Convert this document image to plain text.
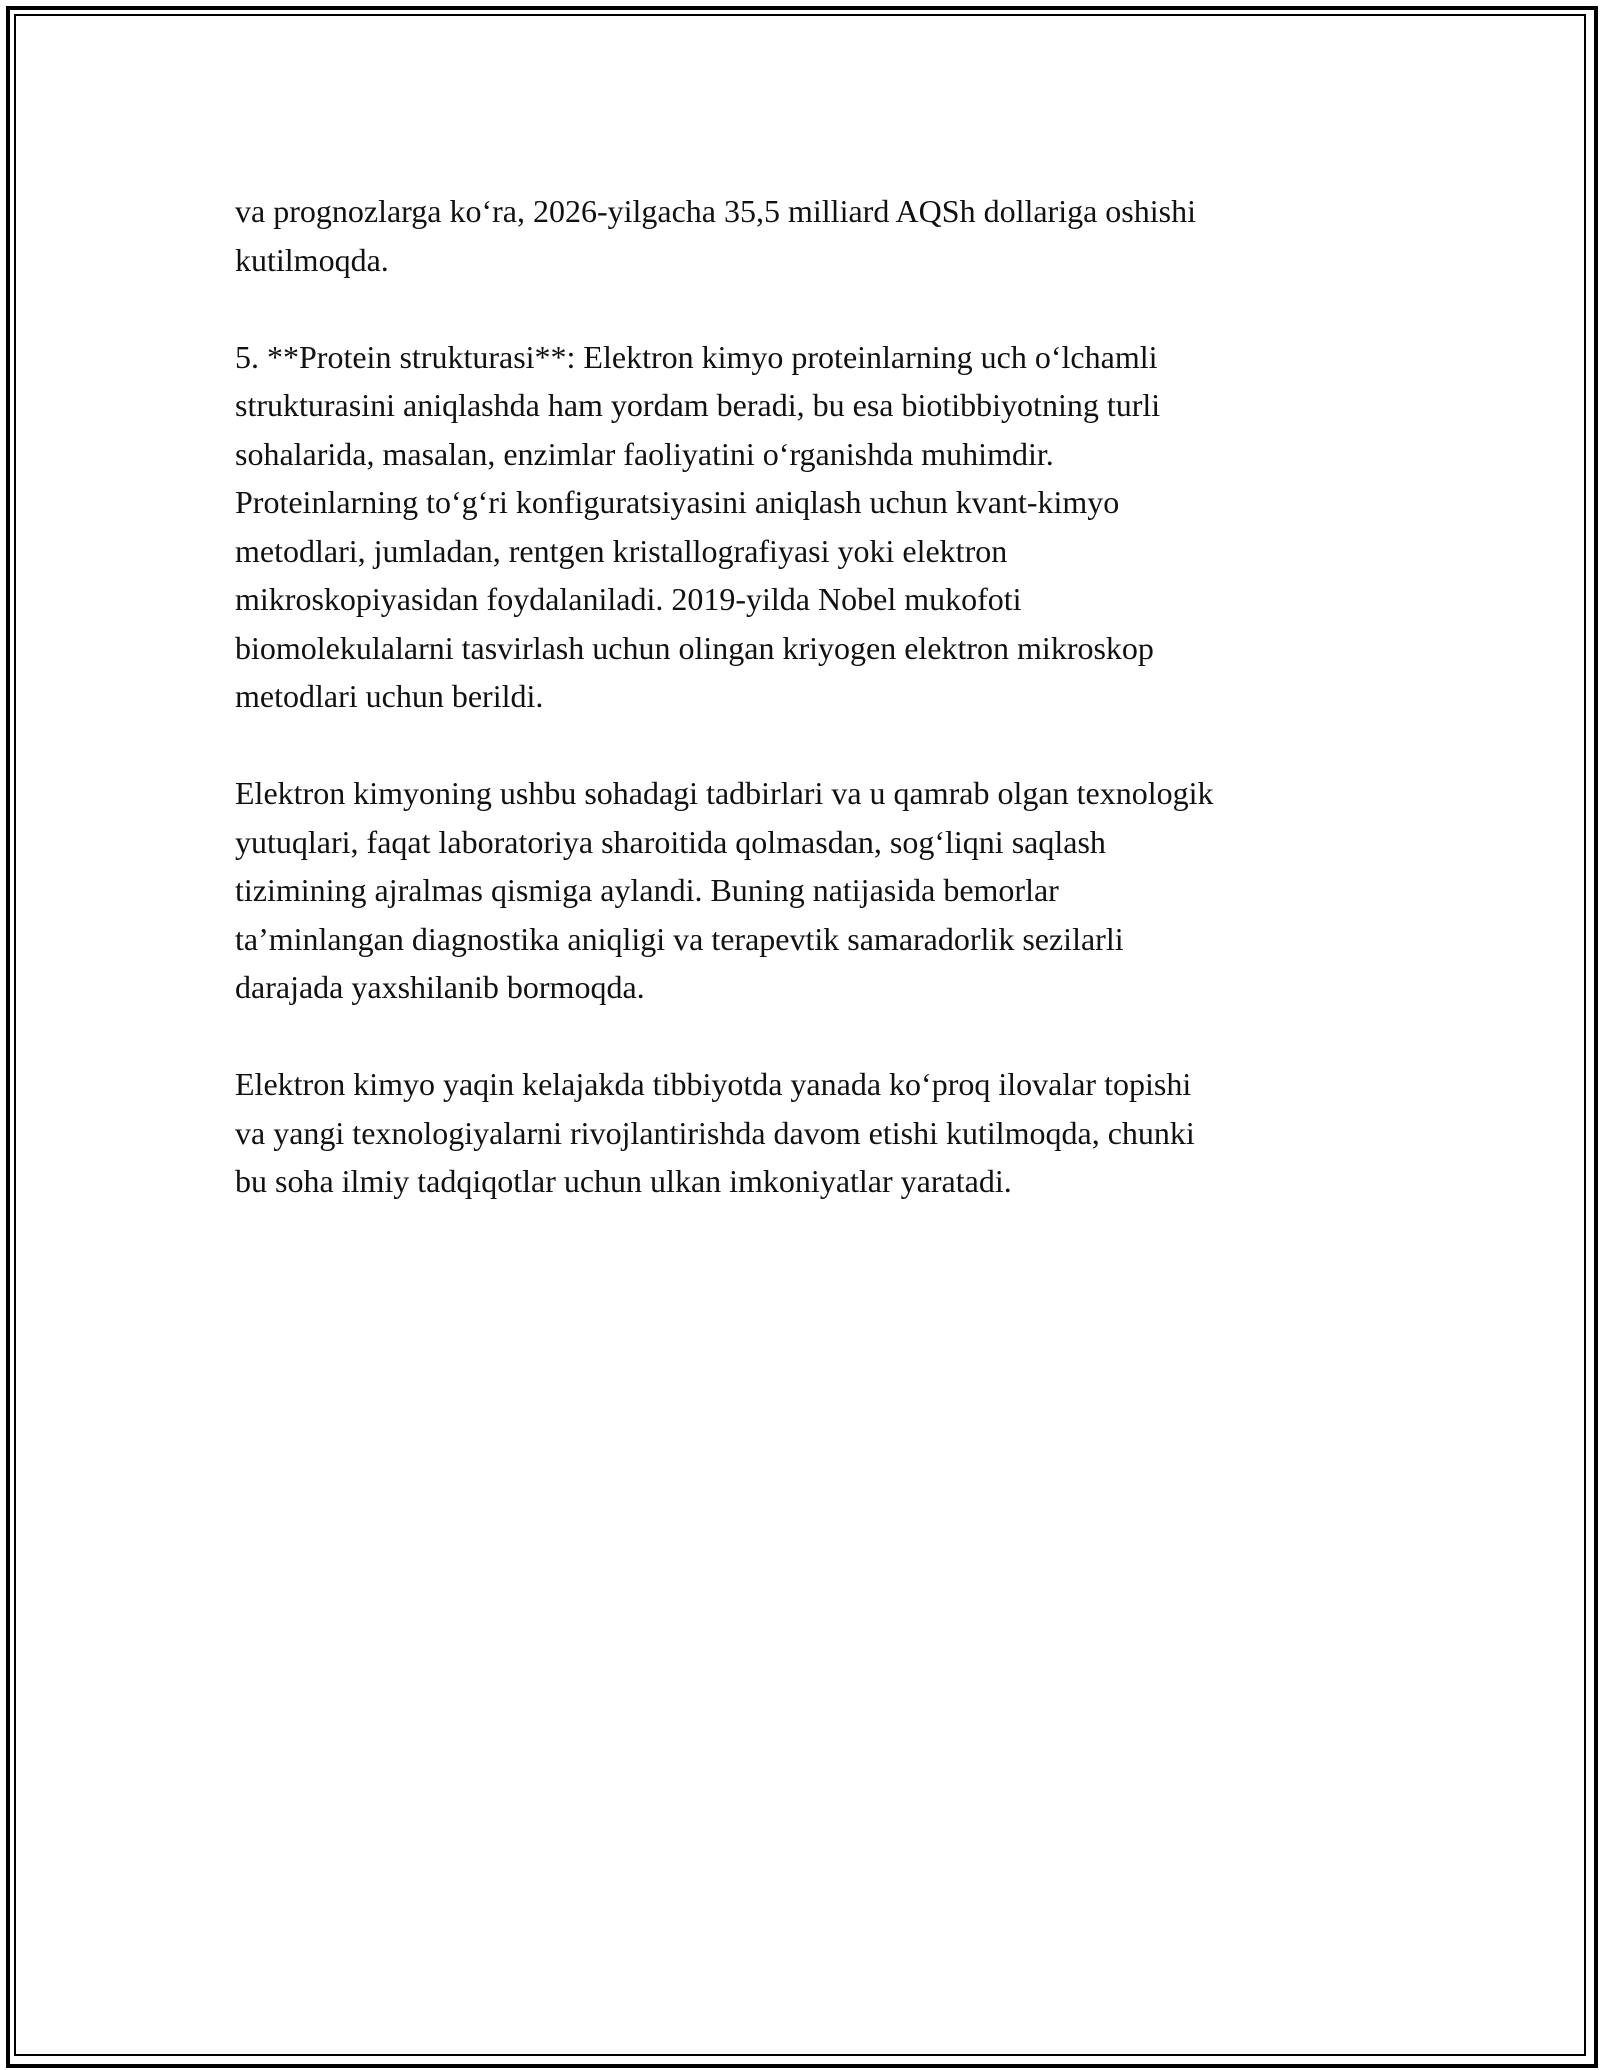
va prognozlarga ko‘ra, 2026-yilgacha 35,5 milliard AQSh dollariga oshishi
kutilmoqda.

5. **Protein strukturasi**: Elektron kimyo proteinlarning uch o‘lchamli
strukturasini aniqlashda ham yordam beradi, bu esa biotibbiyotning turli
sohalarida, masalan, enzimlar faoliyatini o‘rganishda muhimdir.
Proteinlarning to‘g‘ri konfiguratsiyasini aniqlash uchun kvant-kimyo
metodlari, jumladan, rentgen kristallografiyasi yoki elektron
mikroskopiyasidan foydalaniladi. 2019-yilda Nobel mukofoti
biomolekulalarni tasvirlash uchun olingan kriyogen elektron mikroskop
metodlari uchun berildi.

Elektron kimyoning ushbu sohadagi tadbirlari va u qamrab olgan texnologik
yutuqlari, faqat laboratoriya sharoitida qolmasdan, sog‘liqni saqlash
tizimining ajralmas qismiga aylandi. Buning natijasida bemorlar
ta’minlangan diagnostika aniqligi va terapevtik samaradorlik sezilarli
darajada yaxshilanib bormoqda.

Elektron kimyo yaqin kelajakda tibbiyotda yanada ko‘proq ilovalar topishi
va yangi texnologiyalarni rivojlantirishda davom etishi kutilmoqda, chunki
bu soha ilmiy tadqiqotlar uchun ulkan imkoniyatlar yaratadi.
